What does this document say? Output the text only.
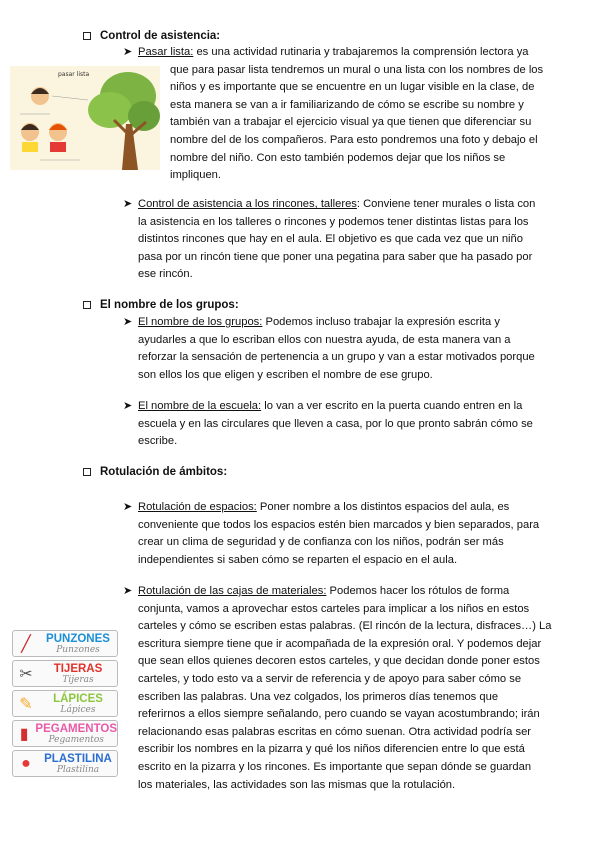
Control de asistencia:
➤ Pasar lista: es una actividad rutinaria y trabajaremos la comprensión lectora ya
que para pasar lista tendremos un mural o una lista con los nombres de los
niños y es importante que se encuentre en un lugar visible en la clase, de
esta manera se van a ir familiarizando de cómo se escribe su nombre y
también van a trabajar el ejercicio visual ya que tienen que diferenciar su
nombre del de los compañeros. Para esto pondremos una foto y debajo el
nombre del niño. Con esto también podemos dejar que los niños se
impliquen.
pasar lista
➤ Control de asistencia a los rincones, talleres: Conviene tener murales o lista con
la asistencia en los talleres o rincones y podemos tener distintas listas para los
distintos rincones que hay en el aula. El objetivo es que cada vez que un niño
pasa por un rincón tiene que poner una pegatina para saber que ha pasado por
ese rincón.
El nombre de los grupos:
➤ El nombre de los grupos: Podemos incluso trabajar la expresión escrita y
ayudarles a que lo escriban ellos con nuestra ayuda, de esta manera van a
reforzar la sensación de pertenencia a un grupo y van a estar motivados porque
son ellos los que eligen y escriben el nombre de ese grupo.
➤ El nombre de la escuela: lo van a ver escrito en la puerta cuando entren en la
escuela y en las circulares que lleven a casa, por lo que pronto sabrán cómo se
escribe.
Rotulación de ámbitos:
➤ Rotulación de espacios: Poner nombre a los distintos espacios del aula, es
conveniente que todos los espacios estén bien marcados y bien separados, para
crear un clima de seguridad y de confianza con los niños, podrán ser más
independientes si saben cómo se reparten el espacio en el aula.
➤ Rotulación de las cajas de materiales: Podemos hacer los rótulos de forma
conjunta, vamos a aprovechar estos carteles para implicar a los niños en estos
carteles y cómo se escriben estas palabras. (El rincón de la lectura, disfraces…) La
escritura siempre tiene que ir acompañada de la expresión oral. Y podemos dejar
que sean ellos quienes decoren estos carteles, y que decidan donde poner estos
carteles, y todo esto va a servir de referencia y de apoyo para saber cómo se
escriben las palabras. Una vez colgados, los primeros días tenemos que
referirnos a ellos siempre señalando, pero cuando se vayan acostumbrando; irán
relacionando esas palabras escritas en cómo suenan. Otra actividad podría ser
escribir los nombres en la pizarra y qué los niños diferencien entre lo que está
escrito en la pizarra y los rincones. Es importante que sepan dónde se guardan
los materiales, las actividades son las mismas que la rotulación.
╱	PUNZONES
Punzones
✂	TIJERAS
Tijeras
✎	LÁPICES
Lápices
▮ PEGAMENTOS
Pegamentos
●	PLASTILINA
Plastilina
